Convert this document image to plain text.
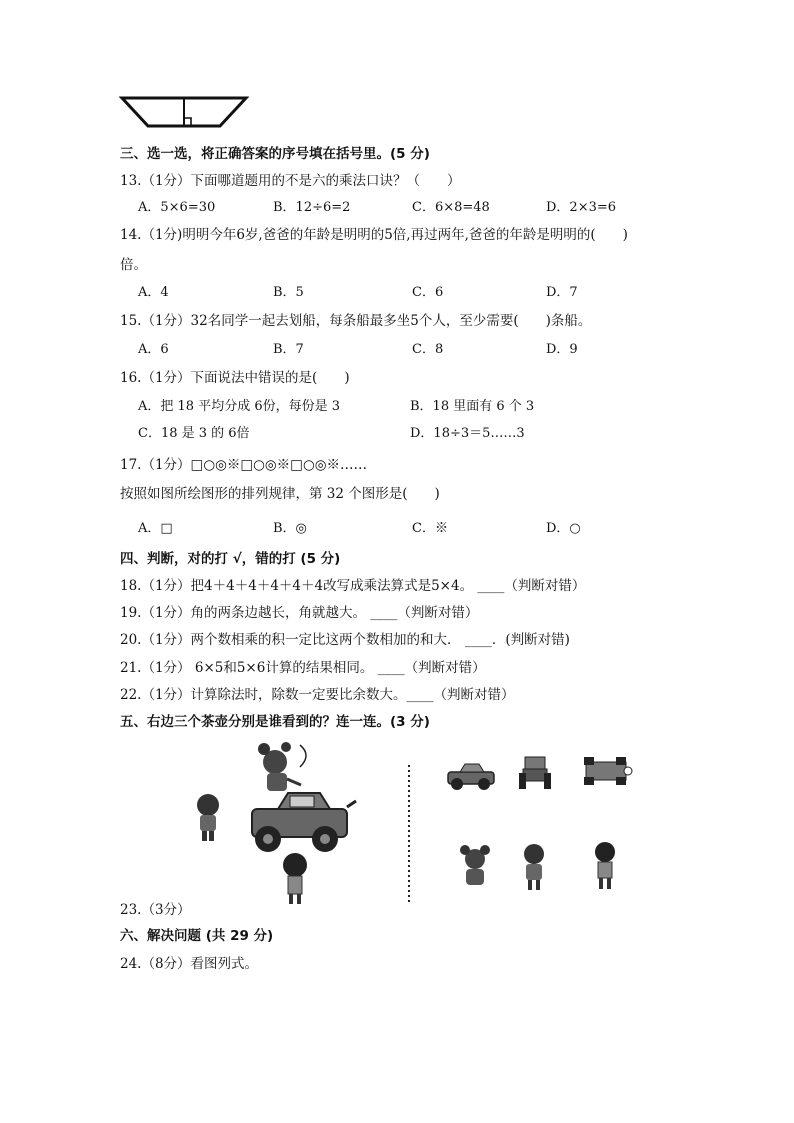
三、选一选，将正确答案的序号填在括号里。(5 分)
13.（1分）下面哪道题用的不是六的乘法口诀？（　　）
A．5×6=30	B．12÷6=2	C．6×8=48	D．2×3=6
14.（1分)明明今年6岁,爸爸的年龄是明明的5倍,再过两年,爸爸的年龄是明明的(　　)
倍。
A．4	B．5	C．6	D．7
15.（1分）32名同学一起去划船，每条船最多坐5个人，至少需要(　　)条船。
A．6	B．7	C．8	D．9
16.（1分）下面说法中错误的是(　　)
A．把 18 平均分成 6份，每份是 3	B．18 里面有 6 个 3
C．18 是 3 的 6倍	D．18÷3＝5……3
17.（1分）□○◎※□○◎※□○◎※……
按照如图所绘图形的排列规律，第 32 个图形是(　　)
A．□	B．◎	C．※	D．○
四、判断，对的打 √，错的打 (5 分)
18.（1分）把4＋4＋4＋4＋4＋4改写成乘法算式是5×4。 ____（判断对错）
19.（1分）角的两条边越长，角就越大。 ____（判断对错）
20.（1分）两个数相乘的积一定比这两个数相加的和大． ____．(判断对错)
21.（1分） 6×5和5×6计算的结果相同。 ____（判断对错）
22.（1分）计算除法时，除数一定要比余数大。____（判断对错）
五、右边三个茶壶分别是谁看到的？连一连。(3 分)
23.（3分）
六、解决问题 (共 29 分)
24.（8分）看图列式。
